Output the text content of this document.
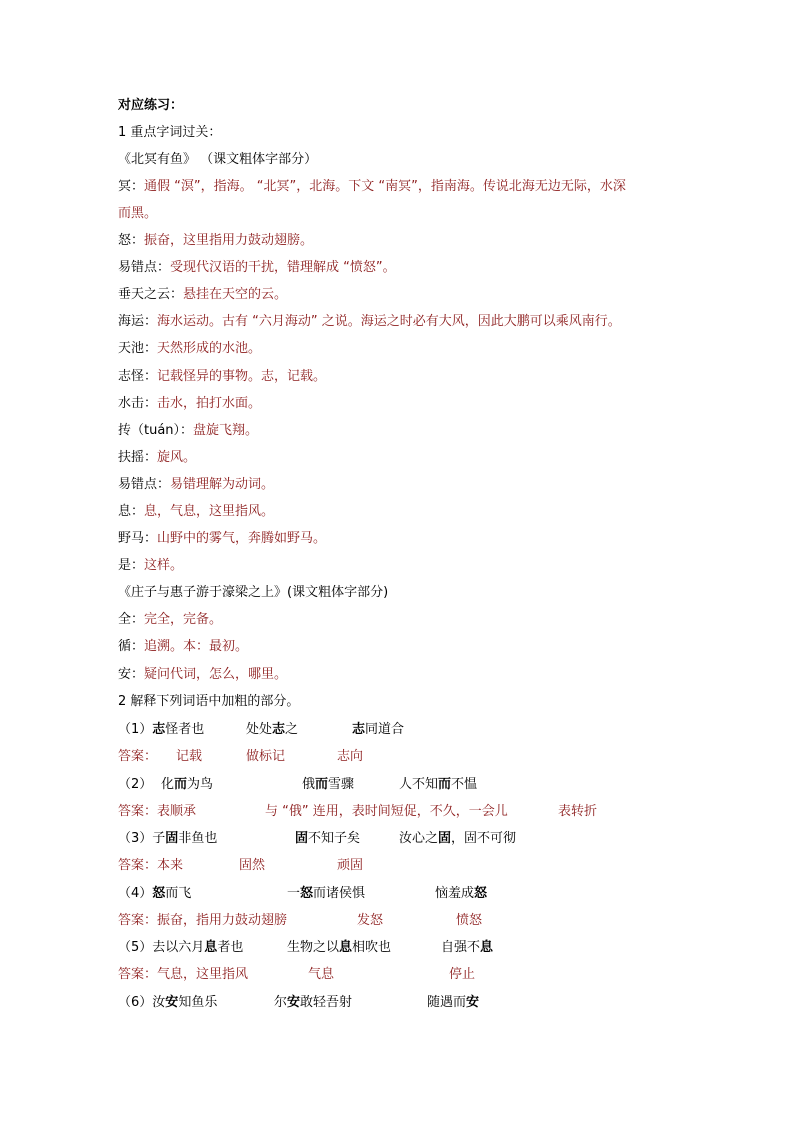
对应练习：
1 重点字词过关：
《北冥有鱼》 （课文粗体字部分）
冥：通假 “溟”，指海。 “北冥”，北海。下文 “南冥”，指南海。传说北海无边无际，水深
而黑。
怒：振奋，这里指用力鼓动翅膀。
易错点：受现代汉语的干扰，错理解成 “愤怒”。
垂天之云：悬挂在天空的云。
海运：海水运动。古有 “六月海动” 之说。海运之时必有大风，因此大鹏可以乘风南行。
天池：天然形成的水池。
志怪：记载怪异的事物。志，记载。
水击：击水，拍打水面。
抟（tuán）：盘旋飞翔。
扶摇：旋风。
易错点：易错理解为动词。
息：息，气息，这里指风。
野马：山野中的雾气，奔腾如野马。
是：这样。
《庄子与惠子游于濠梁之上》(课文粗体字部分)
全：完全，完备。
循：追溯。本：最初。
安：疑问代词，怎么，哪里。
2 解释下列词语中加粗的部分。
（1）志怪者也	处处志之	志同道合
答案： 记载	做标记	志向
（2） 化而为鸟	俄而雪骤	人不知而不愠
答案：表顺承	与 “俄” 连用，表时间短促，不久，一会儿	表转折
（3）子固非鱼也	固不知子矣	汝心之固，固不可彻
答案：本来	固然	顽固
（4）怒而飞	一怒而诸侯惧	恼羞成怒
答案：振奋，指用力鼓动翅膀	发怒	愤怒
（5）去以六月息者也	生物之以息相吹也	自强不息
答案：气息，这里指风	气息	停止
（6）汝安知鱼乐	尔安敢轻吾射	随遇而安
